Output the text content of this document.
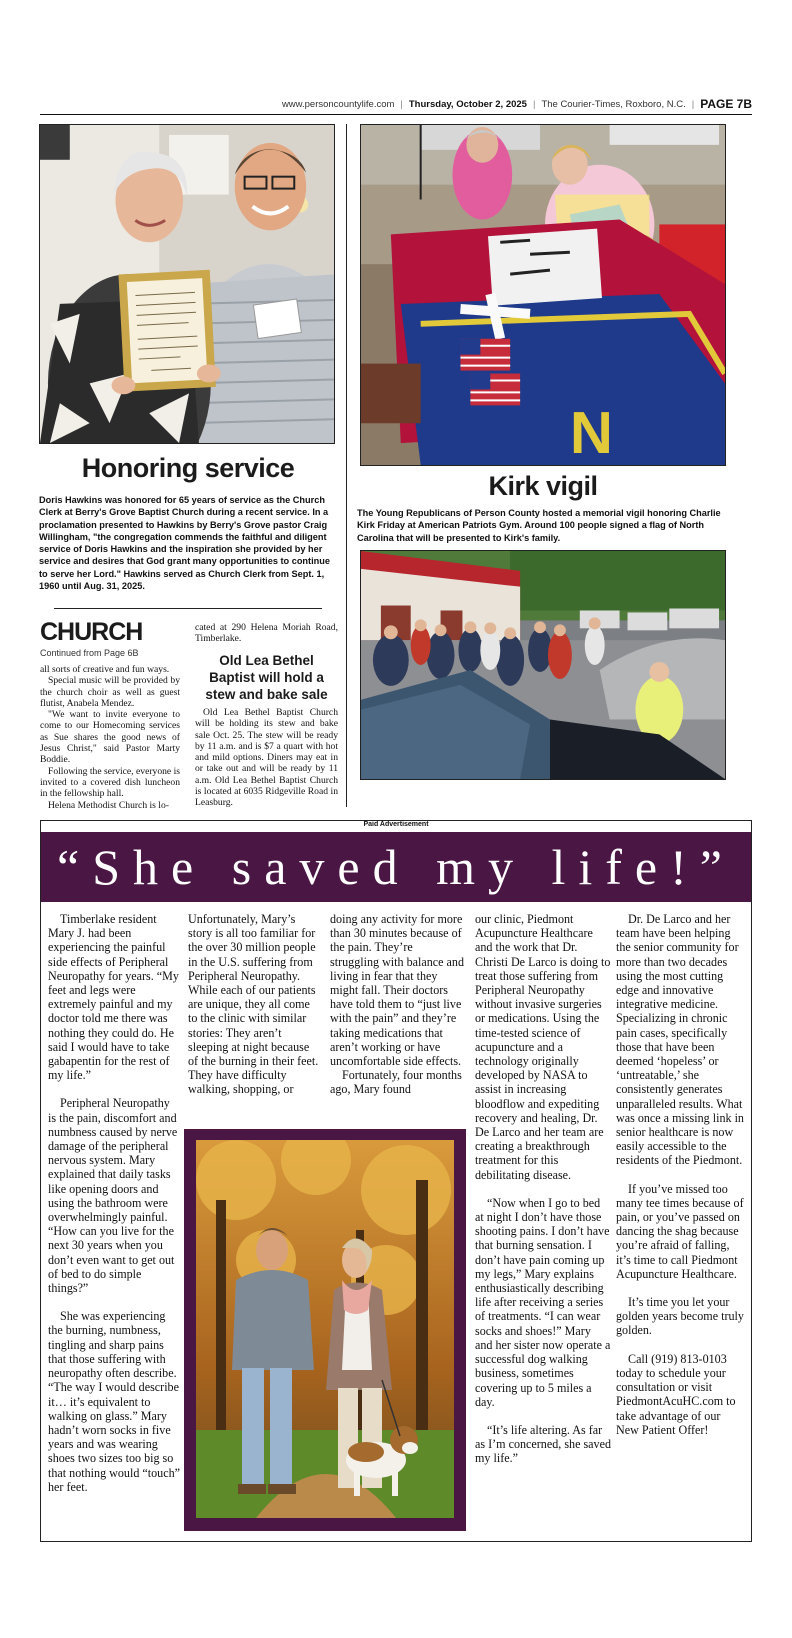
www.personcountylife.com | Thursday, October 2, 2025 | The Courier-Times, Roxboro, N.C. | PAGE 7B
Honoring service
Doris Hawkins was honored for 65 years of service as the Church Clerk at Berry's Grove Baptist Church during a recent service. In a proclamation presented to Hawkins by Berry's Grove pastor Craig Willingham, "the congregation commends the faithful and diligent service of Doris Hawkins and the inspiration she provided by her service and desires that God grant many opportunities to continue to serve her Lord." Hawkins served as Church Clerk from Sept. 1, 1960 until Aug. 31, 2025.
N
Kirk vigil
The Young Republicans of Person County hosted a memorial vigil honoring Charlie Kirk Friday at American Patriots Gym. Around 100 people signed a flag of North Carolina that will be presented to Kirk's family.
CHURCH
Continued from Page 6B

all sorts of creative and fun ways.

Special music will be provided by the church choir as well as guest flutist, Anabela Mendez.

"We want to invite everyone to come to our Homecoming services as Sue shares the good news of Jesus Christ," said Pastor Marty Boddie.

Following the service, everyone is invited to a covered dish luncheon in the fellowship hall.

Helena Methodist Church is lo-

cated at 290 Helena Moriah Road, Timberlake.

Old Lea Bethel Baptist will hold a stew and bake sale

Old Lea Bethel Baptist Church will be holding its stew and bake sale Oct. 25. The stew will be ready by 11 a.m. and is $7 a quart with hot and mild options. Diners may eat in or take out and will be ready by 11 a.m. Old Lea Bethel Baptist Church is located at 6035 Ridgeville Road in Leasburg.

Paid Advertisement
“She saved my life!”

Timberlake resident Mary J. had been experiencing the painful side effects of Peripheral Neuropathy for years. “My feet and legs were extremely painful and my doctor told me there was nothing they could do. He said I would have to take gabapentin for the rest of my life.”

Peripheral Neuropathy is the pain, discomfort and numbness caused by nerve damage of the peripheral nervous system. Mary explained that daily tasks like opening doors and using the bathroom were overwhelmingly painful. “How can you live for the next 30 years when you don’t even want to get out of bed to do simple things?”

She was experiencing the burning, numbness, tingling and sharp pains that those suffering with neuropathy often describe. “The way I would describe it… it’s equivalent to walking on glass.” Mary hadn’t worn socks in five years and was wearing shoes two sizes too big so that nothing would “touch” her feet.

Unfortunately, Mary’s story is all too familiar for the over 30 million people in the U.S. suffering from Peripheral Neuropathy. While each of our patients are unique, they all come to the clinic with similar stories: They aren’t sleeping at night because of the burning in their feet. They have difficulty walking, shopping, or

doing any activity for more than 30 minutes because of the pain. They’re struggling with balance and living in fear that they might fall. Their doctors have told them to “just live with the pain” and they’re taking medications that aren’t working or have uncomfortable side effects.

Fortunately, four months ago, Mary found

our clinic, Piedmont Acupuncture Healthcare and the work that Dr. Christi De Larco is doing to treat those suffering from Peripheral Neuropathy without invasive surgeries or medications. Using the time-tested science of acupuncture and a technology originally developed by NASA to assist in increasing bloodflow and expediting recovery and healing, Dr. De Larco and her team are creating a breakthrough treatment for this debilitating disease.

“Now when I go to bed at night I don’t have those shooting pains. I don’t have that burning sensation. I don’t have pain coming up my legs,” Mary explains enthusiastically describing life after receiving a series of treatments. “I can wear socks and shoes!” Mary and her sister now operate a successful dog walking business, sometimes covering up to 5 miles a day.

“It’s life altering. As far as I’m concerned, she saved my life.”

Dr. De Larco and her team have been helping the senior community for more than two decades using the most cutting edge and innovative integrative medicine. Specializing in chronic pain cases, specifically those that have been deemed ‘hopeless’ or ‘untreatable,’ she consistently generates unparalleled results. What was once a missing link in senior healthcare is now easily accessible to the residents of the Piedmont.

If you’ve missed too many tee times because of pain, or you’ve passed on dancing the shag because you’re afraid of falling, it’s time to call Piedmont Acupuncture Healthcare.

It’s time you let your golden years become truly golden.

Call (919) 813-0103 today to schedule your consultation or visit PiedmontAcuHC.com to take advantage of our New Patient Offer!
